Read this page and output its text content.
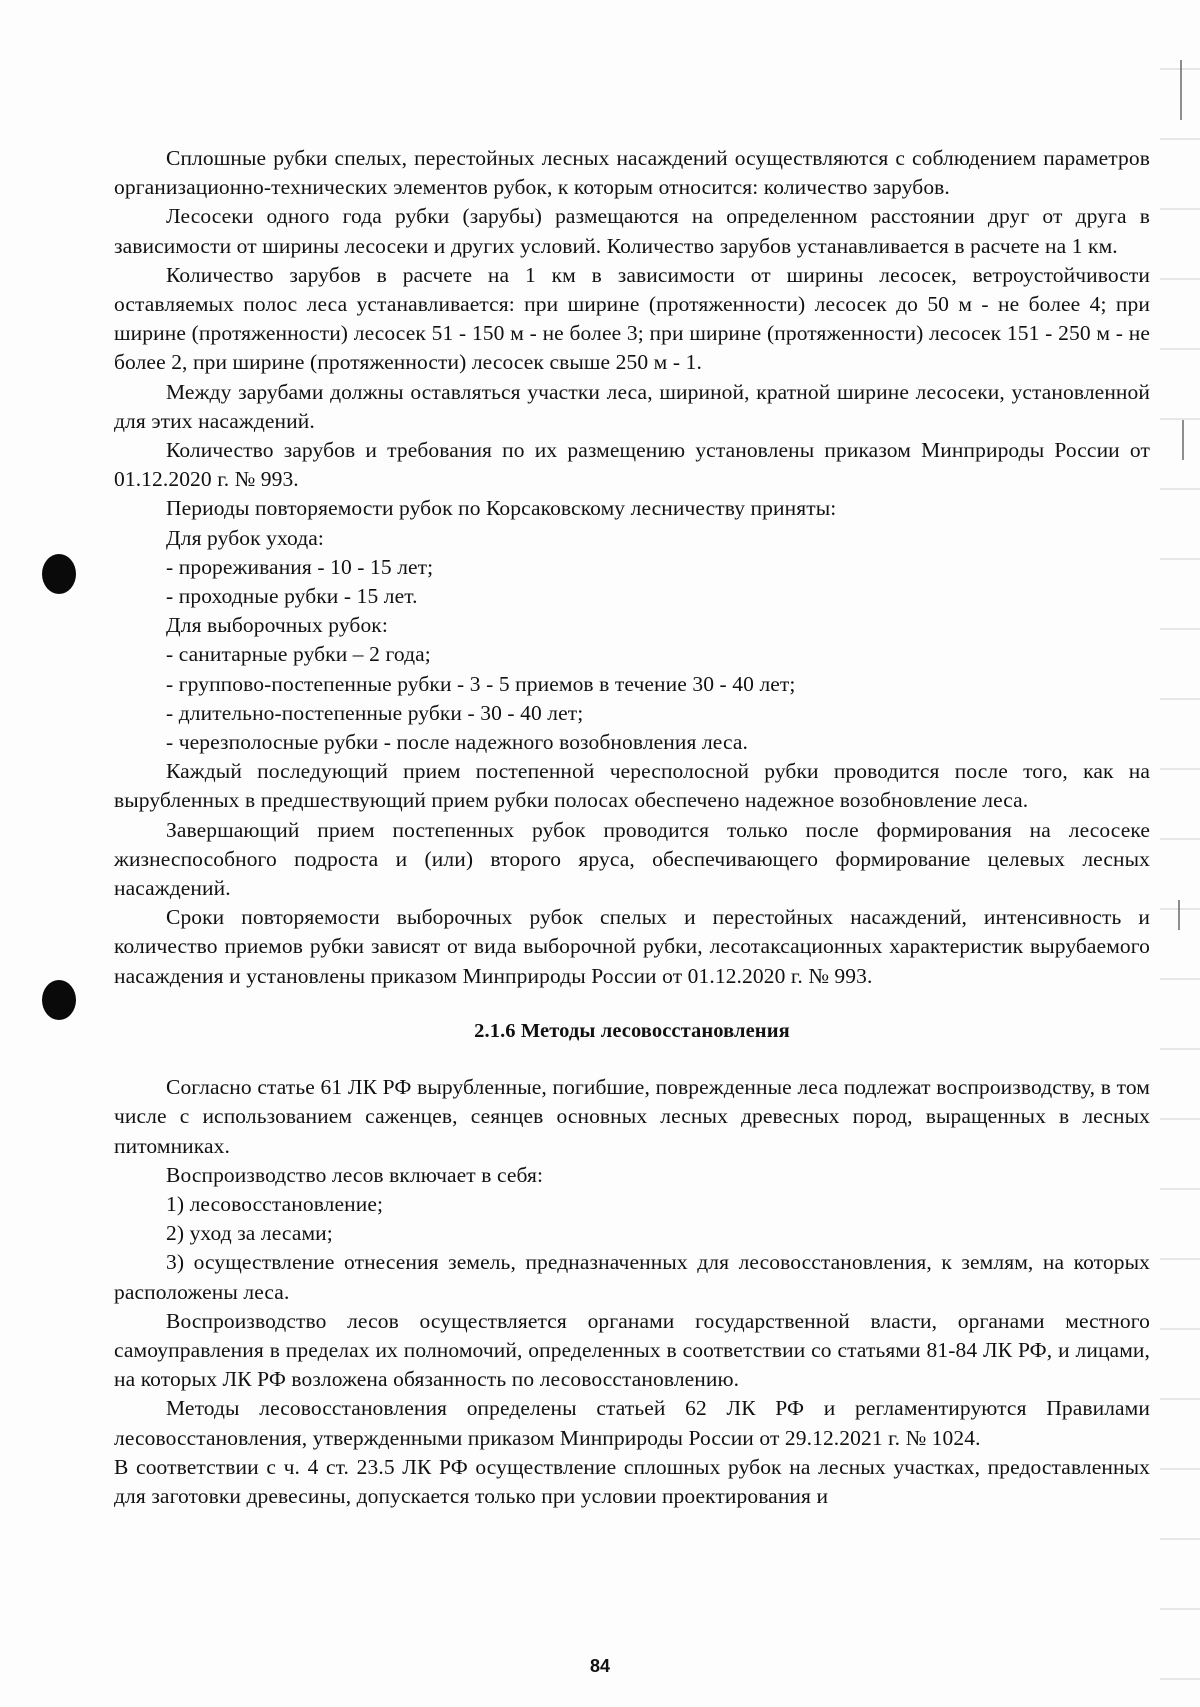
Сплошные рубки спелых, перестойных лесных насаждений осуществляются с соблюдением параметров организационно-технических элементов рубок, к которым относится: количество зарубов.

Лесосеки одного года рубки (зарубы) размещаются на определенном расстоянии друг от друга в зависимости от ширины лесосеки и других условий. Количество зарубов устанавливается в расчете на 1 км.

Количество зарубов в расчете на 1 км в зависимости от ширины лесосек, ветроустойчивости оставляемых полос леса устанавливается: при ширине (протяженности) лесосек до 50 м - не более 4; при ширине (протяженности) лесосек 51 - 150 м - не более 3; при ширине (протяженности) лесосек 151 - 250 м - не более 2, при ширине (протяженности) лесосек свыше 250 м - 1.

Между зарубами должны оставляться участки леса, шириной, кратной ширине лесосеки, установленной для этих насаждений.

Количество зарубов и требования по их размещению установлены приказом Минприроды России от 01.12.2020 г. № 993.

Периоды повторяемости рубок по Корсаковскому лесничеству приняты:

Для рубок ухода:

- прореживания - 10 - 15 лет;

- проходные рубки - 15 лет.

Для выборочных рубок:

- санитарные рубки – 2 года;

- группово-постепенные рубки - 3 - 5 приемов в течение 30 - 40 лет;

- длительно-постепенные рубки - 30 - 40 лет;

- черезполосные рубки - после надежного возобновления леса.

Каждый последующий прием постепенной чересполосной рубки проводится после того, как на вырубленных в предшествующий прием рубки полосах обеспечено надежное возобновление леса.

Завершающий прием постепенных рубок проводится только после формирования на лесосеке жизнеспособного подроста и (или) второго яруса, обеспечивающего формирование целевых лесных насаждений.

Сроки повторяемости выборочных рубок спелых и перестойных насаждений, интенсивность и количество приемов рубки зависят от вида выборочной рубки, лесотаксационных характеристик вырубаемого насаждения и установлены приказом Минприроды России от 01.12.2020 г. № 993.

2.1.6 Методы лесовосстановления

Согласно статье 61 ЛК РФ вырубленные, погибшие, поврежденные леса подлежат воспроизводству, в том числе с использованием саженцев, сеянцев основных лесных древесных пород, выращенных в лесных питомниках.

Воспроизводство лесов включает в себя:

1) лесовосстановление;

2) уход за лесами;

3) осуществление отнесения земель, предназначенных для лесовосстановления, к землям, на которых расположены леса.

Воспроизводство лесов осуществляется органами государственной власти, органами местного самоуправления в пределах их полномочий, определенных в соответствии со статьями 81-84 ЛК РФ, и лицами, на которых ЛК РФ возложена обязанность по лесовосстановлению.

Методы лесовосстановления определены статьей 62 ЛК РФ и регламентируются Правилами лесовосстановления, утвержденными приказом Минприроды России от 29.12.2021 г. № 1024.

В соответствии с ч. 4 ст. 23.5 ЛК РФ осуществление сплошных рубок на лесных участках, предоставленных для заготовки древесины, допускается только при условии проектирования и

84
